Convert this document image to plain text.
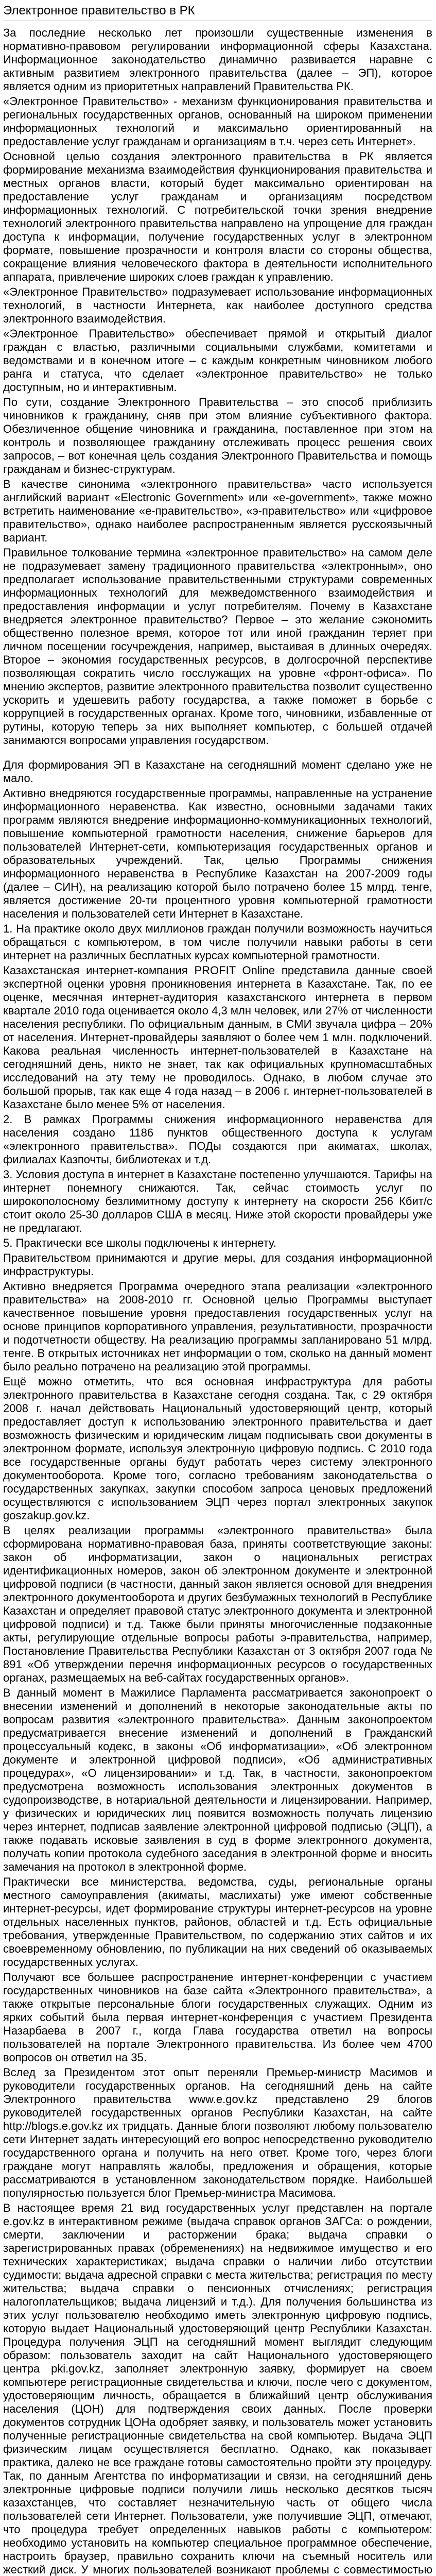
Электронное правительство в РК

За последние несколько лет произошли существенные изменения в нормативно-правовом регулировании информационной сферы Казахстана. Информационное законодательство динамично развивается наравне с активным развитием электронного правительства (далее – ЭП), которое является одним из приоритетных направлений Правительства РК.

«Электронное Правительство» - механизм функционирования правительства и региональных государственных органов, основанный на широком применении информационных технологий и максимально ориентированный на предоставление услуг гражданам и организациям в т.ч. через сеть Интернет».

Основной целью создания электронного правительства в РК является формирование механизма взаимодействия функционирования правительства и местных органов власти, который будет максимально ориентирован на предоставление услуг гражданам и организациям посредством информационных технологий. С потребительской точки зрения внедрение технологий электронного правительства направлено на упрощение для граждан доступа к информации, получение государственных услуг в электронном формате, повышение прозрачности и контроля власти со стороны общества, сокращение влияния человеческого фактора в деятельности исполнительного аппарата, привлечение широких слоев граждан к управлению.

«Электронное Правительство» подразумевает использование информационных технологий, в частности Интернета, как наиболее доступного средства электронного взаимодействия.

«Электронное Правительство» обеспечивает прямой и открытый диалог граждан с властью, различными социальными службами, комитетами и ведомствами и в конечном итоге – с каждым конкретным чиновником любого ранга и статуса, что сделает «электронное правительство» не только доступным, но и интерактивным.

По сути, создание Электронного Правительства – это способ приблизить чиновников к гражданину, сняв при этом влияние субъективного фактора. Обезличенное общение чиновника и гражданина, поставленное при этом на контроль и позволяющее гражданину отслеживать процесс решения своих запросов, – вот конечная цель создания Электронного Правительства и помощь гражданам и бизнес-структурам.

В качестве синонима «электронного правительства» часто используется английский вариант «Electronic Government» или «e-government», также можно встретить наименование «e-правительство», «э-правительство» или «цифровое правительство», однако наиболее распространенным является русскоязычный вариант.

Правильное толкование термина «электронное правительство» на самом деле не подразумевает замену традиционного правительства «электронным», оно предполагает использование правительственными структурами современных информационных технологий для межведомственного взаимодействия и предоставления информации и услуг потребителям. Почему в Казахстане внедряется электронное правительство? Первое – это желание сэкономить общественно полезное время, которое тот или иной гражданин теряет при личном посещении госучреждения, например, выстаивая в длинных очередях. Второе – экономия государственных ресурсов, в долгосрочной перспективе позволяющая сократить число госслужащих на уровне «фронт-офиса». По мнению экспертов, развитие электронного правительства позволит существенно ускорить и удешевить работу государства, а также поможет в борьбе с коррупцией в государственных органах. Кроме того, чиновники, избавленные от рутины, которую теперь за них выполняет компьютер, с большей отдачей занимаются вопросами управления государством.

Для формирования ЭП в Казахстане на сегодняшний момент сделано уже не мало.

Активно внедряются государственные программы, направленные на устранение информационного неравенства. Как известно, основными задачами таких программ являются внедрение информационно-коммуникационных технологий, повышение компьютерной грамотности населения, снижение барьеров для пользователей Интернет-сети, компьютеризация государственных органов и образовательных учреждений. Так, целью Программы снижения информационного неравенства в Республике Казахстан на 2007-2009 годы (далее – СИН), на реализацию которой было потрачено более 15 млрд. тенге, является достижение 20-ти процентного уровня компьютерной грамотности населения и пользователей сети Интернет в Казахстане.

1. На практике около двух миллионов граждан получили возможность научиться обращаться с компьютером, в том числе получили навыки работы в сети интернет на различных бесплатных курсах компьютерной грамотности.

Казахстанская интернет-компания PROFIT Online представила данные своей экспертной оценки уровня проникновения интернета в Казахстане. Так, по ее оценке, месячная интернет-аудитория казахстанского интернета в первом квартале 2010 года оценивается около 4,3 млн человек, или 27% от численности населения республики. По официальным данным, в СМИ звучала цифра – 20% от населения. Интернет-провайдеры заявляют о более чем 1 млн. подключений. Какова реальная численность интернет-пользователей в Казахстане на сегодняшний день, никто не знает, так как официальных крупномасштабных исследований на эту тему не проводилось. Однако, в любом случае это большой прорыв, так как еще 4 года назад – в 2006 г. интернет-пользователей в Казахстане было менее 5% от населения.

2. В рамках Программы снижения информационного неравенства для населения создано 1186 пунктов общественного доступа к услугам «электронного правительства». ПОДы создаются при акиматах, школах, филиалах Казпочты, библиотеках и т.д.

3. Условия доступа в интернет в Казахстане постепенно улучшаются. Тарифы на интернет понемногу снижаются. Так, сейчас стоимость услуг по широкополосному безлимитному доступу к интернету на скорости 256 Кбит/с стоит около 25-30 долларов США в месяц. Ниже этой скорости провайдеры уже не предлагают.

5. Практически все школы подключены к интернету.

Правительством принимаются и другие меры, для создания информационной инфраструктуры.

Активно внедряется Программа очередного этапа реализации «электронного правительства» на 2008-2010 гг. Основной целью Программы выступает качественное повышение уровня предоставления государственных услуг на основе принципов корпоративного управления, результативности, прозрачности и подотчетности обществу. На реализацию программы запланировано 51 млрд. тенге. В открытых источниках нет информации о том, сколько на данный момент было реально потрачено на реализацию этой программы.

Ещё можно отметить, что вся основная инфраструктура для работы электронного правительства в Казахстане сегодня создана. Так, с 29 октября 2008 г. начал действовать Национальный удостоверяющий центр, который предоставляет доступ к использованию электронного правительства и дает возможность физическим и юридическим лицам подписывать свои документы в электронном формате, используя электронную цифровую подпись. С 2010 года все государственные органы будут работать через систему электронного документооборота. Кроме того, согласно требованиям законодательства о государственных закупках, закупки способом запроса ценовых предложений осуществляются с использованием ЭЦП через портал электронных закупок goszakup.gov.kz.

В целях реализации программы «электронного правительства» была сформирована нормативно-правовая база, приняты соответствующие законы: закон об информатизации, закон о национальных регистрах идентификационных номеров, закон об электронном документе и электронной цифровой подписи (в частности, данный закон является основой для внедрения электронного документооборота и других безбумажных технологий в Республике Казахстан и определяет правовой статус электронного документа и электронной цифровой подписи) и т.д. Также были приняты многочисленные подзаконные акты, регулирующие отдельные вопросы работы э-правительства, например, Постановление Правительства Республики Казахстан от 3 октября 2007 года № 891 «Об утверждении перечня информационных ресурсов о государственных органах, размещаемых на веб-сайтах государственных органов».

В данный момент в Мажилисе Парламента рассматривается законопроект о внесении изменений и дополнений в некоторые законодательные акты по вопросам развития «электронного правительства». Данным законопроектом предусматривается внесение изменений и дополнений в Гражданский процессуальный кодекс, в законы «Об информатизации», «Об электронном документе и электронной цифровой подписи», «Об административных процедурах», «О лицензировании» и т.д. Так, в частности, законопроектом предусмотрена возможность использования электронных документов в судопроизводстве, в нотариальной деятельности и лицензировании. Например, у физических и юридических лиц появится возможность получать лицензию через интернет, подписав заявление электронной цифровой подписью (ЭЦП), а также подавать исковые заявления в суд в форме электронного документа, получать копии протокола судебного заседания в электронной форме и вносить замечания на протокол в электронной форме.

Практически все министерства, ведомства, суды, региональные органы местного самоуправления (акиматы, маслихаты) уже имеют собственные интернет-ресурсы, идет формирование структуры интернет-ресурсов на уровне отдельных населенных пунктов, районов, областей и т.д. Есть официальные требования, утвержденные Правительством, по содержанию этих сайтов и их своевременному обновлению, по публикации на них сведений об оказываемых государственных услугах.

Получают все большее распространение интернет-конференции с участием государственных чиновников на базе сайта «Электронного правительства», а также открытые персональные блоги государственных служащих. Одним из ярких событий была первая интернет-конференция с участием Президента Назарбаева в 2007 г., когда Глава государства ответил на вопросы пользователей на портале Электронного правительства. Из более чем 4700 вопросов он ответил на 35.

Вслед за Президентом этот опыт переняли Премьер-министр Масимов и руководители государственных органов. На сегодняшний день на сайте Электронного правительства www.e.gov.kz представлено 29 блогов руководителей государственных органов Республики Казахстан, на сайте http://blogs.e.gov.kz их тридцать. Данные блоги позволяют любому пользователю сети Интернет задать интересующий его вопрос непосредственно руководителю государственного органа и получить на него ответ. Кроме того, через блоги граждане могут направлять жалобы, предложения и обращения, которые рассматриваются в установленном законодательством порядке. Наибольшей популярностью пользуется блог Премьер-министра Масимова.

В настоящее время 21 вид государственных услуг представлен на портале e.gov.kz в интерактивном режиме (выдача справок органов ЗАГСа: о рождении, смерти, заключении и расторжении брака; выдача справки о зарегистрированных правах (обременениях) на недвижимое имущество и его технических характеристиках; выдача справки о наличии либо отсутствии судимости; выдача адресной справки с места жительства; регистрация по месту жительства; выдача справки о пенсионных отчислениях; регистрация налогоплательщиков; выдача лицензий и т.д.). Для получения большинства из этих услуг пользователю необходимо иметь электронную цифровую подпись, которую выдает Национальный удостоверяющий центр Республики Казахстан. Процедура получения ЭЦП на сегодняшний момент выглядит следующим образом: пользователь заходит на сайт Национального удостоверяющего центра pki.gov.kz, заполняет электронную заявку, формирует на своем компьютере регистрационные свидетельства и ключи, после чего с документом, удостоверяющим личность, обращается в ближайший центр обслуживания населения (ЦОН) для подтверждения своих данных. После проверки документов сотрудник ЦОНа одобряет заявку, и пользователь может установить полученные регистрационные свидетельства на свой компьютер. Выдача ЭЦП физическим лицам осуществляется бесплатно. Однако, как показывает практика, далеко не все граждане готовы самостоятельно пройти эту процедуру. Так, по данным Агентства по информатизации и связи, на сегодняшний день электронные цифровые подписи получили лишь несколько десятков тысяч казахстанцев, что составляет незначительную часть от общего числа пользователей сети Интернет. Пользователи, уже получившие ЭЦП, отмечают, что процедура требует определенных навыков работы с компьютером: необходимо установить на компьютер специальное программное обеспечение, настроить браузер, правильно сохранить ключи на съемный носитель или жесткий диск. У многих пользователей возникают проблемы с совместимостью
